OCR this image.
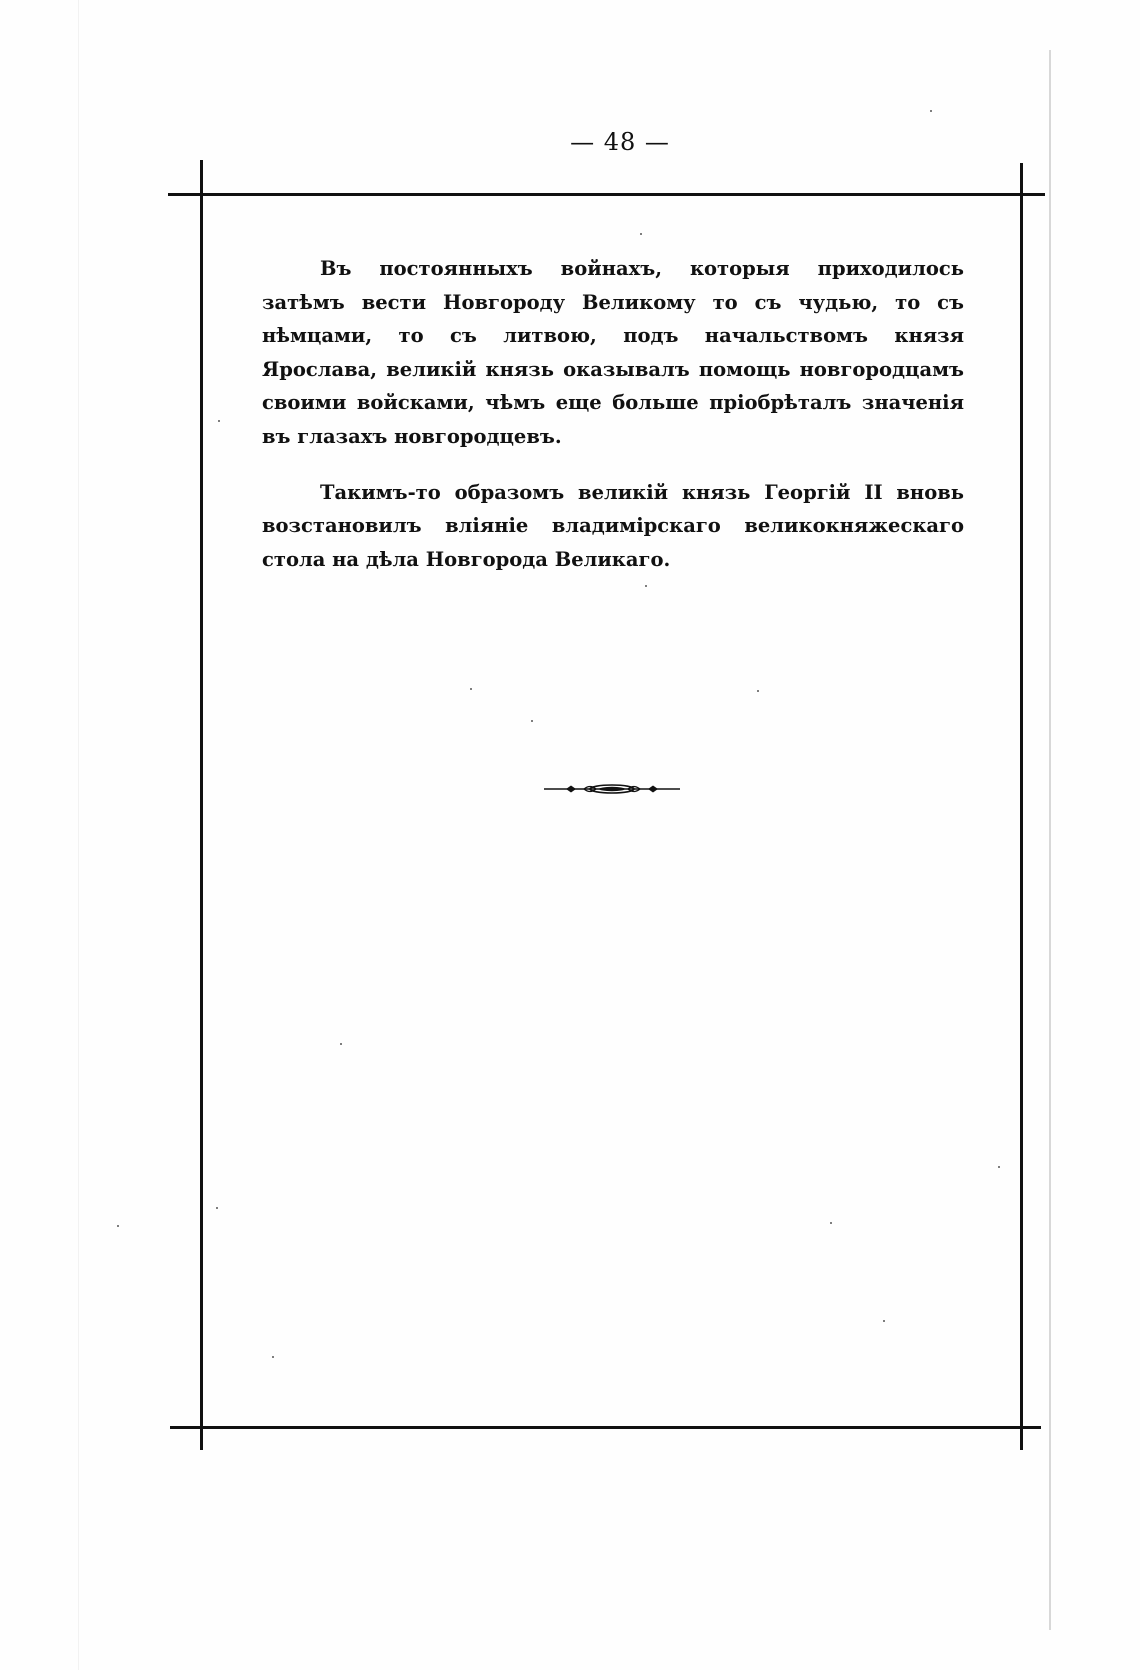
— 48 —

Въ постоянныхъ войнахъ, которыя приходилось затѣмъ вести Новгороду Великому то съ чудью, то съ нѣмцами, то съ литвою, подъ начальствомъ князя Ярослава, великій князь оказывалъ помощь новгородцамъ своими войсками, чѣмъ еще больше пріобрѣталъ значенія въ глазахъ новгородцевъ.

Такимъ-то образомъ великій князь Георгій II вновь возстановилъ вліяніе владимірскаго великокняжескаго стола на дѣла Новгорода Великаго.
